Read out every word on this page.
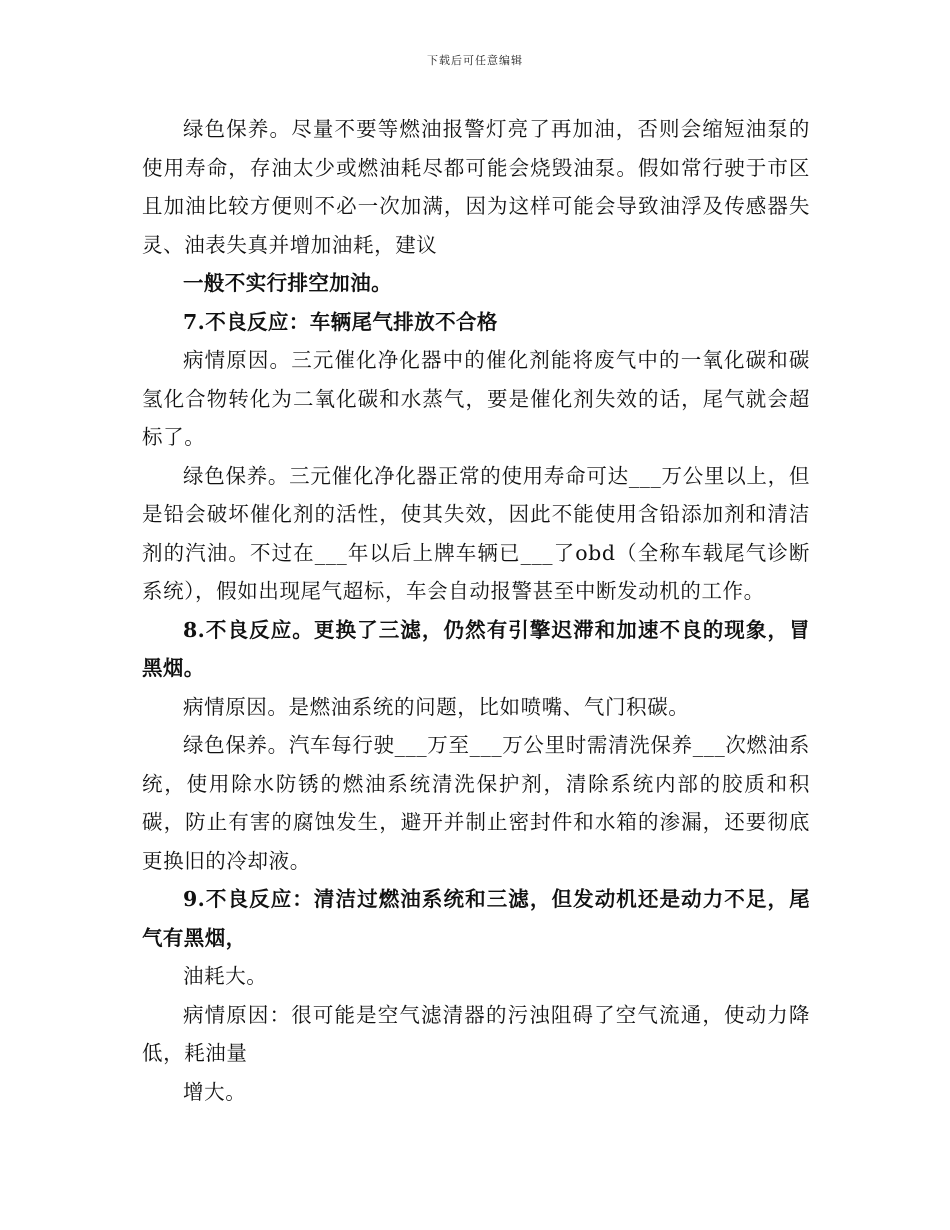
下载后可任意编辑

绿色保养。尽量不要等燃油报警灯亮了再加油，否则会缩短油泵的使用寿命，存油太少或燃油耗尽都可能会烧毁油泵。假如常行驶于市区且加油比较方便则不必一次加满，因为这样可能会导致油浮及传感器失灵、油表失真并增加油耗，建议

一般不实行排空加油。

7.不良反应：车辆尾气排放不合格

病情原因。三元催化净化器中的催化剂能将废气中的一氧化碳和碳氢化合物转化为二氧化碳和水蒸气，要是催化剂失效的话，尾气就会超标了。

绿色保养。三元催化净化器正常的使用寿命可达___万公里以上，但是铅会破坏催化剂的活性，使其失效，因此不能使用含铅添加剂和清洁剂的汽油。不过在___年以后上牌车辆已___了obd（全称车载尾气诊断系统），假如出现尾气超标，车会自动报警甚至中断发动机的工作。

8.不良反应。更换了三滤，仍然有引擎迟滞和加速不良的现象，冒黑烟。

病情原因。是燃油系统的问题，比如喷嘴、气门积碳。

绿色保养。汽车每行驶___万至___万公里时需清洗保养___次燃油系统，使用除水防锈的燃油系统清洗保护剂，清除系统内部的胶质和积碳，防止有害的腐蚀发生，避开并制止密封件和水箱的渗漏，还要彻底更换旧的冷却液。

9.不良反应：清洁过燃油系统和三滤，但发动机还是动力不足，尾气有黑烟，

油耗大。

病情原因：很可能是空气滤清器的污浊阻碍了空气流通，使动力降低，耗油量

增大。
